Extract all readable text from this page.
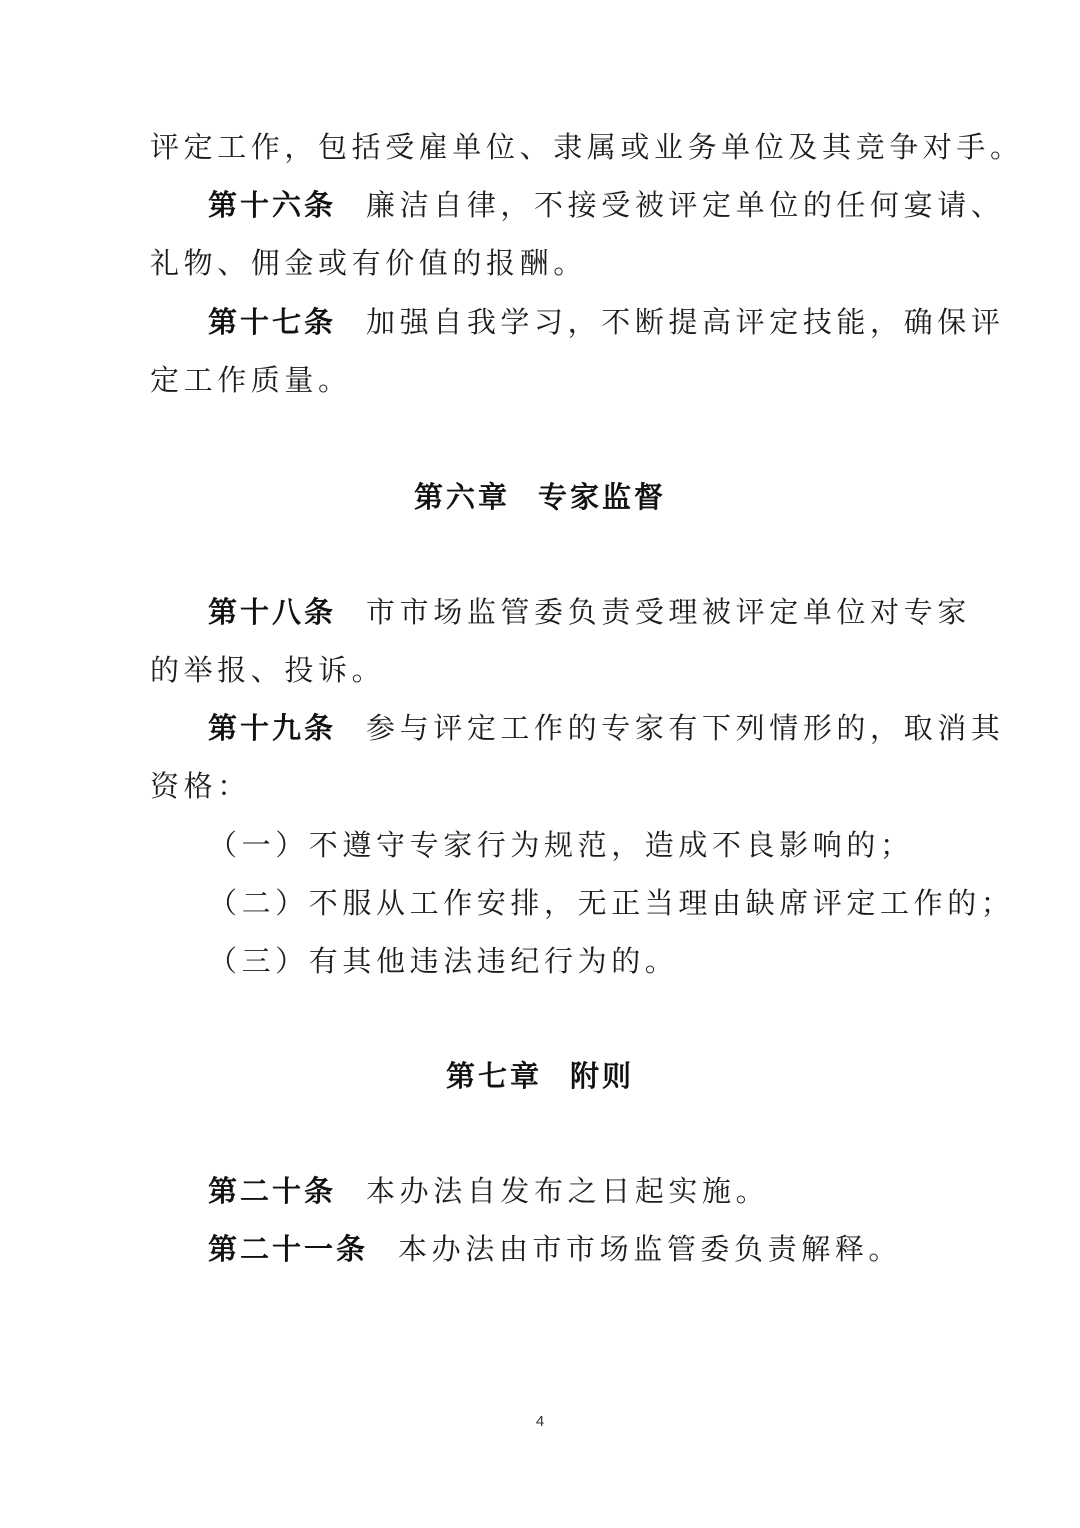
评定工作，包括受雇单位、隶属或业务单位及其竞争对手。
第十六条 廉洁自律，不接受被评定单位的任何宴请、
礼物、佣金或有价值的报酬。
第十七条 加强自我学习，不断提高评定技能，确保评
定工作质量。
第六章 专家监督
第十八条 市市场监管委负责受理被评定单位对专家
的举报、投诉。
第十九条 参与评定工作的专家有下列情形的，取消其
资格：
（一）不遵守专家行为规范，造成不良影响的；
（二）不服从工作安排，无正当理由缺席评定工作的；
（三）有其他违法违纪行为的。
第七章 附则
第二十条 本办法自发布之日起实施。
第二十一条 本办法由市市场监管委负责解释。
4
